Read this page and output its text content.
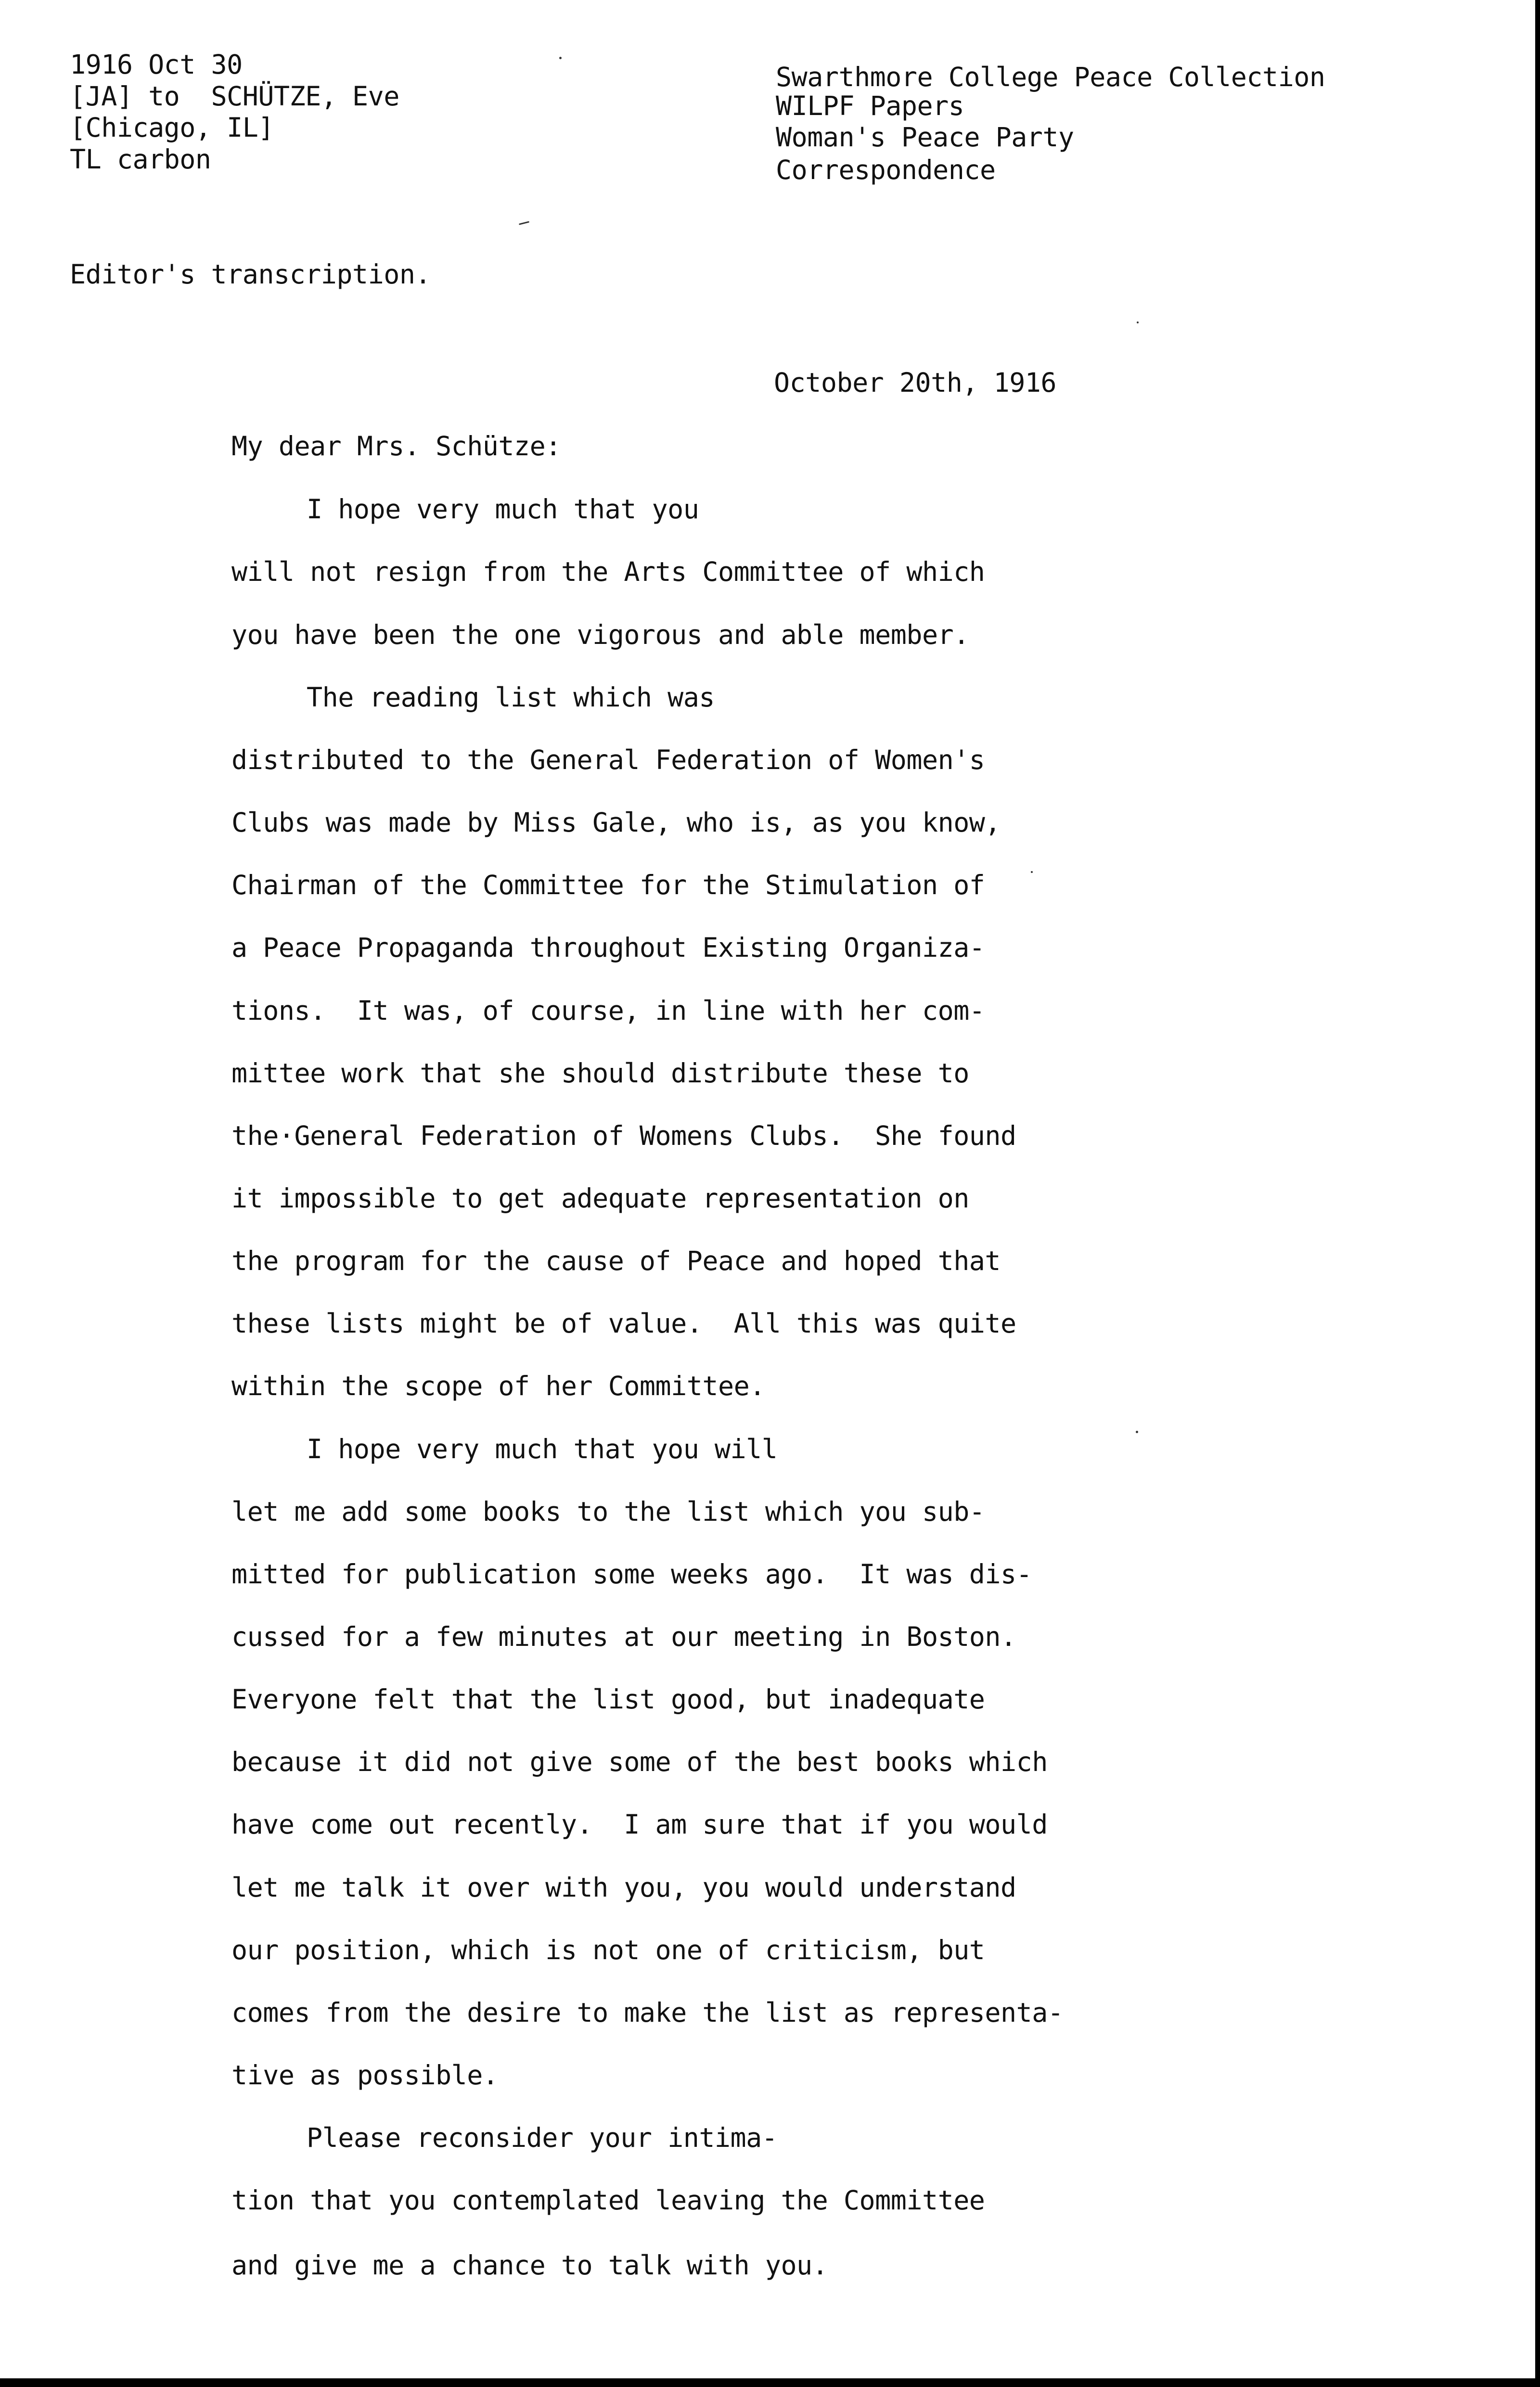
1916 Oct 30
[JA] to  SCHÜTZE, Eve
[Chicago, IL]
TL carbon
Swarthmore College Peace Collection
WILPF Papers
Woman's Peace Party
Correspondence
Editor's transcription.
October 20th, 1916
My dear Mrs. Schütze:
I hope very much that you
will not resign from the Arts Committee of which
you have been the one vigorous and able member.
The reading list which was
distributed to the General Federation of Women's
Clubs was made by Miss Gale, who is, as you know,
Chairman of the Committee for the Stimulation of
a Peace Propaganda throughout Existing Organiza-
tions.  It was, of course, in line with her com-
mittee work that she should distribute these to
the·General Federation of Womens Clubs.  She found
it impossible to get adequate representation on
the program for the cause of Peace and hoped that
these lists might be of value.  All this was quite
within the scope of her Committee.
I hope very much that you will
let me add some books to the list which you sub-
mitted for publication some weeks ago.  It was dis-
cussed for a few minutes at our meeting in Boston.
Everyone felt that the list good, but inadequate
because it did not give some of the best books which
have come out recently.  I am sure that if you would
let me talk it over with you, you would understand
our position, which is not one of criticism, but
comes from the desire to make the list as representa-
tive as possible.
Please reconsider your intima-
tion that you contemplated leaving the Committee
and give me a chance to talk with you.
